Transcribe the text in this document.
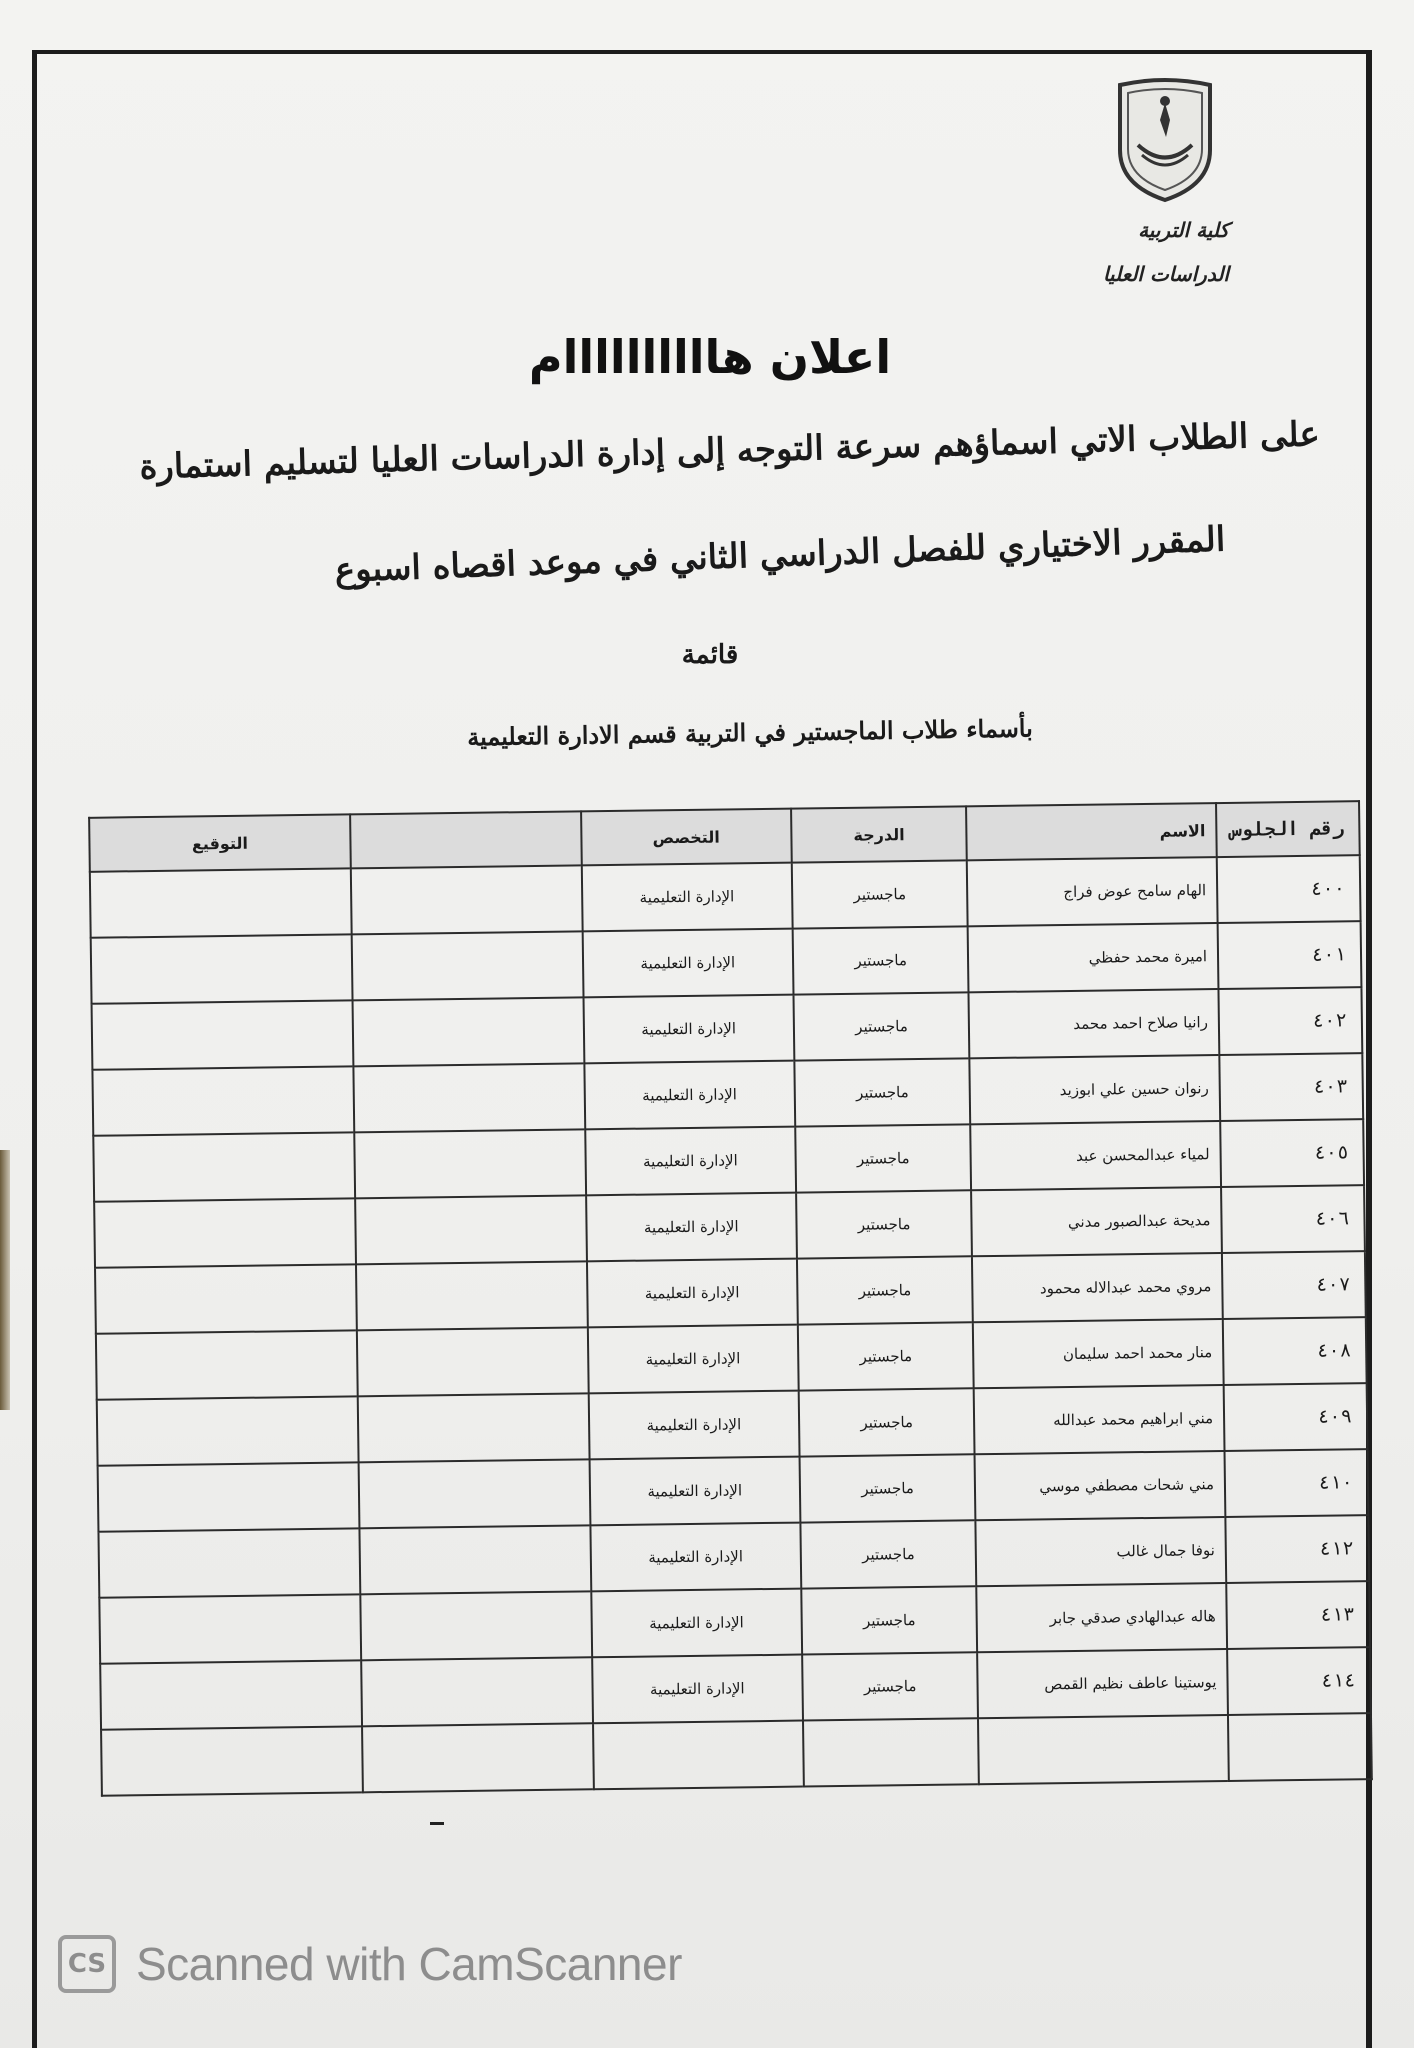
كلية التربية
الدراسات العليا
اعلان هاااااااااام
على الطلاب الاتي اسماؤهم سرعة التوجه إلى إدارة الدراسات العليا لتسليم استمارة
المقرر الاختياري للفصل الدراسي الثاني في موعد اقصاه اسبوع
قائمة
بأسماء طلاب الماجستير في التربية قسم الادارة التعليمية
رقم الجلوس	الاسم	الدرجة	التخصص		التوقيع
٤٠٠	الهام سامح عوض فراج	ماجستير	الإدارة التعليمية		
٤٠١	اميرة محمد حفظي	ماجستير	الإدارة التعليمية		
٤٠٢	رانيا صلاح احمد محمد	ماجستير	الإدارة التعليمية		
٤٠٣	رنوان حسين علي ابوزيد	ماجستير	الإدارة التعليمية		
٤٠٥	لمياء عبدالمحسن عبد	ماجستير	الإدارة التعليمية		
٤٠٦	مديحة عبدالصبور مدني	ماجستير	الإدارة التعليمية		
٤٠٧	مروي محمد عبدالاله محمود	ماجستير	الإدارة التعليمية		
٤٠٨	منار محمد احمد سليمان	ماجستير	الإدارة التعليمية		
٤٠٩	مني ابراهيم محمد عبدالله	ماجستير	الإدارة التعليمية		
٤١٠	مني شحات مصطفي موسي	ماجستير	الإدارة التعليمية		
٤١٢	نوفا جمال غالب	ماجستير	الإدارة التعليمية		
٤١٣	هاله عبدالهادي صدقي جابر	ماجستير	الإدارة التعليمية		
٤١٤	يوستينا عاطف نظيم القمص	ماجستير	الإدارة التعليمية		

CS Scanned with CamScanner
